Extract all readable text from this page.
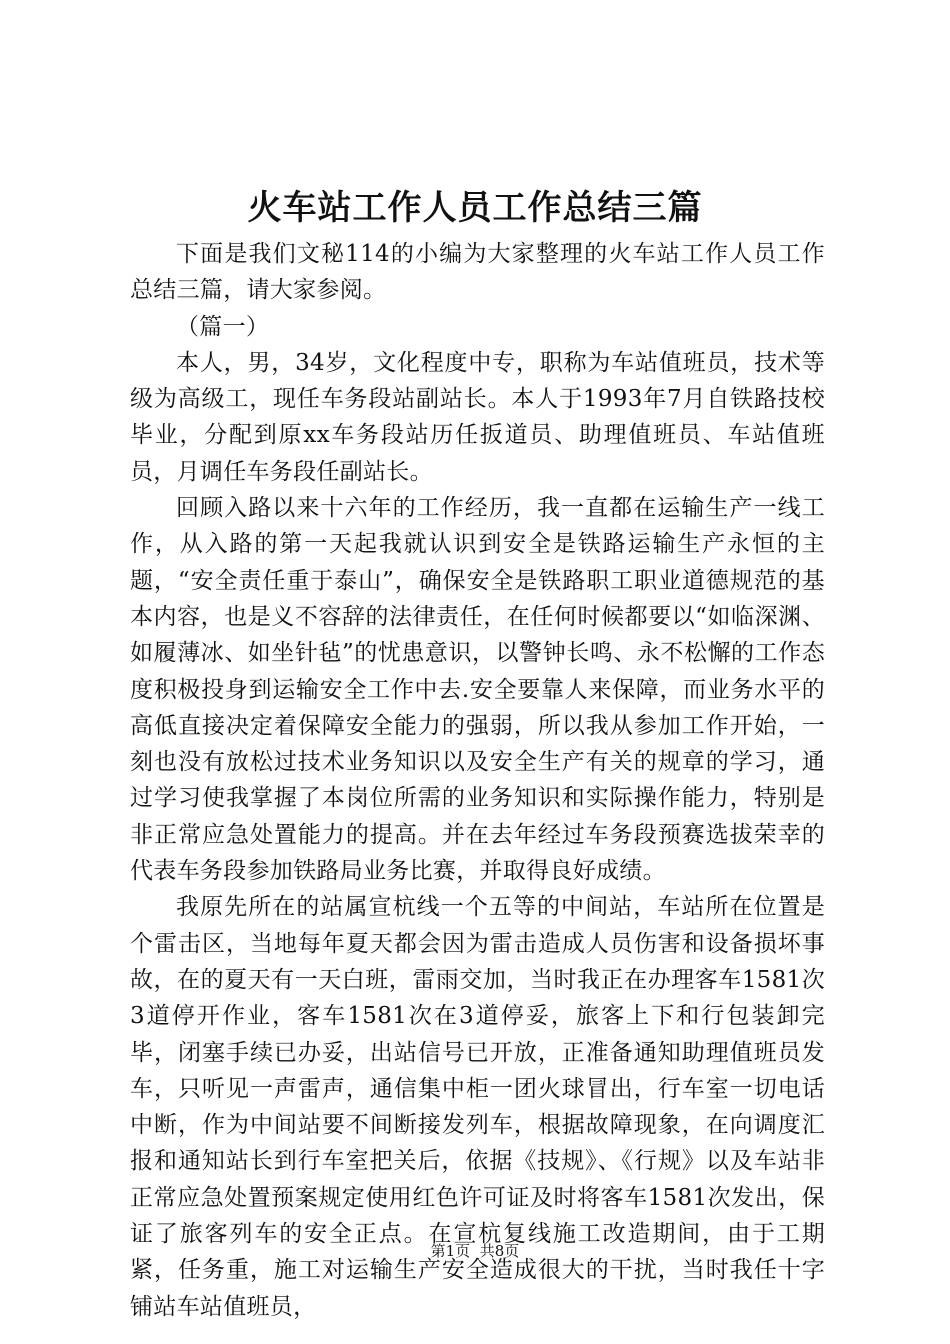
火车站工作人员工作总结三篇

下面是我们文秘114的小编为大家整理的火车站工作人员工作总结三篇，请大家参阅。

（篇一）

本人，男，34岁，文化程度中专，职称为车站值班员，技术等级为高级工，现任车务段站副站长。本人于1993年7月自铁路技校毕业，分配到原xx车务段站历任扳道员、助理值班员、车站值班员，月调任车务段任副站长。

回顾入路以来十六年的工作经历，我一直都在运输生产一线工作，从入路的第一天起我就认识到安全是铁路运输生产永恒的主题，“安全责任重于泰山”，确保安全是铁路职工职业道德规范的基本内容，也是义不容辞的法律责任，在任何时候都要以“如临深渊、如履薄冰、如坐针毡”的忧患意识，以警钟长鸣、永不松懈的工作态度积极投身到运输安全工作中去.安全要靠人来保障，而业务水平的高低直接决定着保障安全能力的强弱，所以我从参加工作开始，一刻也没有放松过技术业务知识以及安全生产有关的规章的学习，通过学习使我掌握了本岗位所需的业务知识和实际操作能力，特别是非正常应急处置能力的提高。并在去年经过车务段预赛选拔荣幸的代表车务段参加铁路局业务比赛，并取得良好成绩。

我原先所在的站属宣杭线一个五等的中间站，车站所在位置是个雷击区，当地每年夏天都会因为雷击造成人员伤害和设备损坏事故，在的夏天有一天白班，雷雨交加，当时我正在办理客车1581次3道停开作业，客车1581次在3道停妥，旅客上下和行包装卸完毕，闭塞手续已办妥，出站信号已开放，正准备通知助理值班员发车，只听见一声雷声，通信集中柜一团火球冒出，行车室一切电话中断，作为中间站要不间断接发列车，根据故障现象，在向调度汇报和通知站长到行车室把关后，依据《技规》、《行规》以及车站非正常应急处置预案规定使用红色许可证及时将客车1581次发出，保证了旅客列车的安全正点。在宣杭复线施工改造期间，由于工期紧，任务重，施工对运输生产安全造成很大的干扰，当时我任十字铺站车站值班员，

第1页 共8页
